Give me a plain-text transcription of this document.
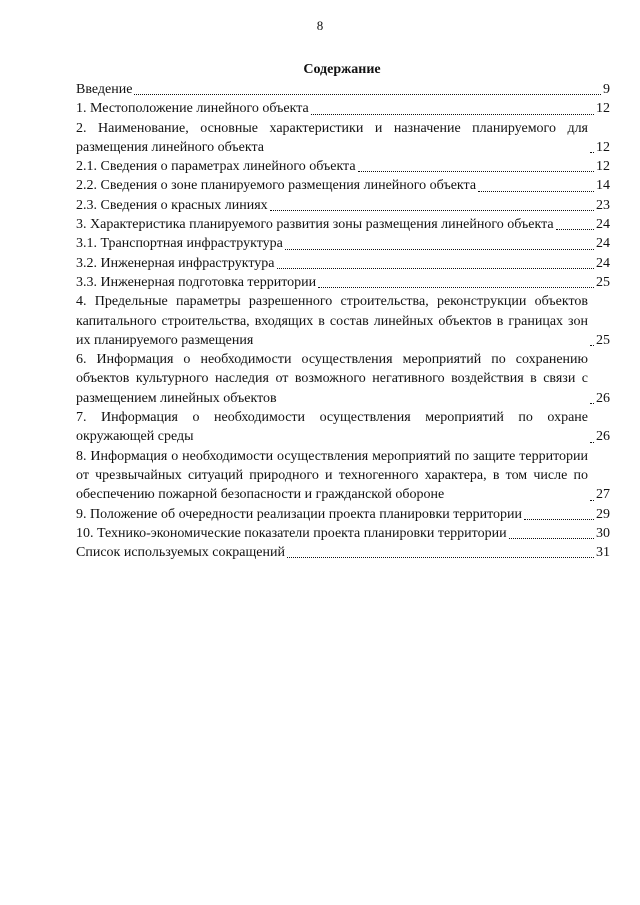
8
Содержание
Введение	9
1. Местоположение линейного объекта	12
2. Наименование, основные характеристики и назначение планируемого для размещения линейного объекта	12
2.1. Сведения о параметрах линейного объекта	12
2.2. Сведения о зоне планируемого размещения линейного объекта	14
2.3. Сведения о красных линиях	23
3. Характеристика планируемого развития зоны размещения линейного объекта	24
3.1. Транспортная инфраструктура	24
3.2. Инженерная инфраструктура	24
3.3. Инженерная подготовка территории	25
4. Предельные параметры разрешенного строительства, реконструкции объектов капитального строительства, входящих в состав линейных объектов в границах зон их планируемого размещения	25
6. Информация о необходимости осуществления мероприятий по сохранению объектов культурного наследия от возможного негативного воздействия в связи с размещением линейных объектов	26
7. Информация о необходимости осуществления мероприятий по охране окружающей среды	26
8. Информация о необходимости осуществления мероприятий по защите территории от чрезвычайных ситуаций природного и техногенного характера, в том числе по обеспечению пожарной безопасности и гражданской обороне	27
9. Положение об очередности реализации проекта планировки территории	29
10. Технико-экономические показатели проекта планировки территории	30
Список используемых сокращений	31
